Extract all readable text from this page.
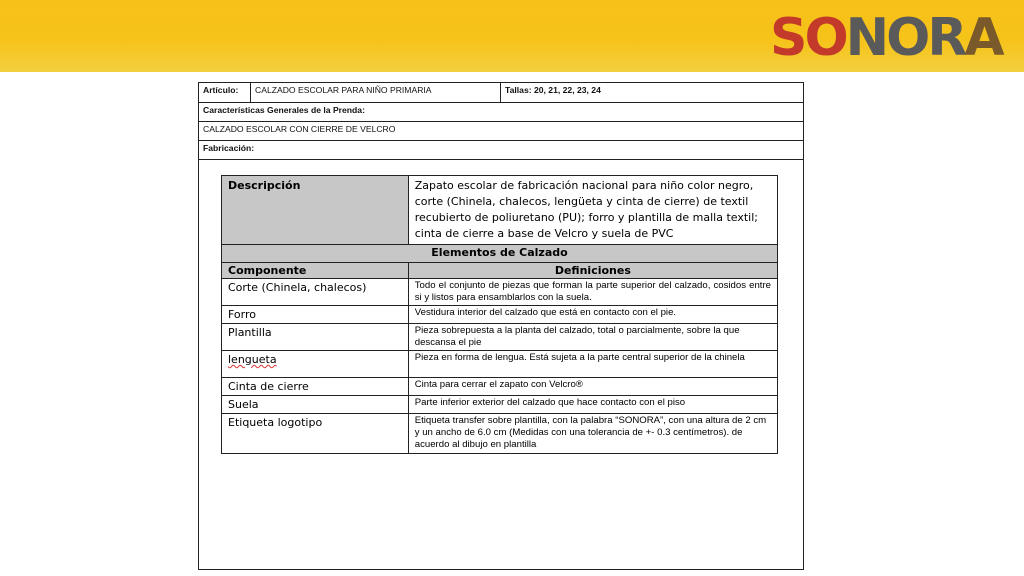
SONORA
Artículo:	CALZADO ESCOLAR PARA NIÑO PRIMARIA	Tallas: 20, 21, 22, 23, 24
Características Generales de la Prenda:
CALZADO ESCOLAR CON CIERRE DE VELCRO
Fabricación:
Descripción	Zapato escolar de fabricación nacional para niño color negro, corte (Chinela, chalecos, lengüeta y cinta de cierre) de textil recubierto de poliuretano (PU); forro y plantilla de malla textil; cinta de cierre a base de Velcro y suela de PVC
Elementos de Calzado	
Componente	Definiciones
Corte (Chinela, chalecos)	Todo el conjunto de piezas que forman la parte superior del calzado, cosidos entre si y listos para ensamblarlos con la suela.
Forro	Vestidura interior del calzado que está en contacto con el pie.
Plantilla	Pieza sobrepuesta a la planta del calzado, total o parcialmente, sobre la que descansa el pie
lengueta	Pieza en forma de lengua. Está sujeta a la parte central superior de la chinela
Cinta de cierre	Cinta para cerrar el zapato con Velcro®
Suela	Parte inferior exterior del calzado que hace contacto con el piso
Etiqueta logotipo	Etiqueta transfer sobre plantilla, con la palabra “SONORA”, con una altura de 2 cm y un ancho de 6.0 cm (Medidas con una tolerancia de +- 0.3 centímetros). de acuerdo al dibujo en plantilla
